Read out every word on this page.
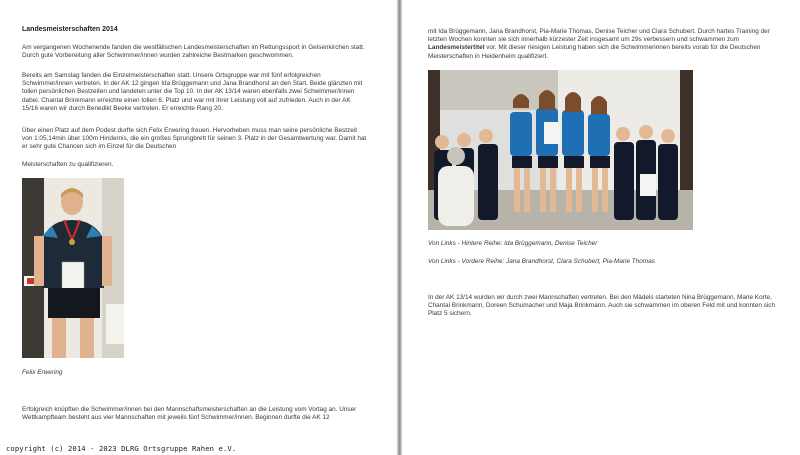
Landesmeisterschaften 2014

Am vergangenen Wochenende fanden die westfälischen Landesmeisterschaften im Rettungssport in Gelsenkirchen statt. Durch gute Vorbereitung aller Schwimmer/innen wurden zahlreiche Bestmarken geschwommen.

Bereits am Samstag fanden die Einzelmeisterschaften statt. Unsere Ortsgruppe war mit fünf erfolgreichen Schwimmer/innen vertreten. In der AK 12 gingen Ida Brüggemann und Jana Brandhorst an den Start. Beide glänzten mit tollen persönlichen Bestzeiten und landeten unter die Top 10. In der AK 13/14 waren ebenfalls zwei Schwimmer/innen dabei. Chantal Brinkmann erreichte einen tollen 6. Platz und war mit ihrer Leistung voll auf zufrieden. Auch in der AK 15/16 waren wir durch Benedikt Beeke vertreten. Er erreichte Rang 20.

Über einen Platz auf dem Podest durfte sich Felix Erwering freuen. Hervorheben muss man seine persönliche Bestzeit von 1:05,14min über 100m Hindernis, die ein großes Sprungbrett für seinen 3. Platz in der Gesamtwertung war. Damit hat er sehr gute Chancen sich im Einzel für die Deutschen

Meisterschaften zu qualifizieren.

Felix Erwering

Erfolgreich knüpften die Schwimmer/innen bei den Mannschaftsmeisterschaften an die Leistung vom Vortag an. Unser Wettkampfteam besteht aus vier Mannschaften mit jeweils fünf Schwimmer/innen. Beginnen durfte die AK 12

mit Ida Brüggemann, Jana Brandhorst, Pia-Marie Thomas, Denise Teicher und Clara Schubert. Durch hartes Training der letzten Wochen konnten sie sich innerhalb kürzester Zeit insgesamt um 29s verbessern und schwammen zum Landesmeistertitel vor. Mit dieser riesigen Leistung haben sich die Schwimmerinnen bereits vorab für die Deutschen Meisterschaften in Heidenheim qualifiziert.

Von Links - Hintere Reihe: Ida Brüggemann, Denise Teicher

Von Links - Vordere Reihe: Jana Brandhorst, Clara Schubert, Pia-Marie Thomas

In der AK 13/14 wurden wir durch zwei Mannschaften vertreten. Bei den Mädels starteten Nina Brüggemann, Marie Korte, Chantal Brinkmann, Doreen Schumacher und Maja Brinkmann. Auch sie schwammen im oberen Feld mit und konnten sich Platz 5 sichern.

copyright (c) 2014 - 2023 DLRG Ortsgruppe Rahen e.V.
